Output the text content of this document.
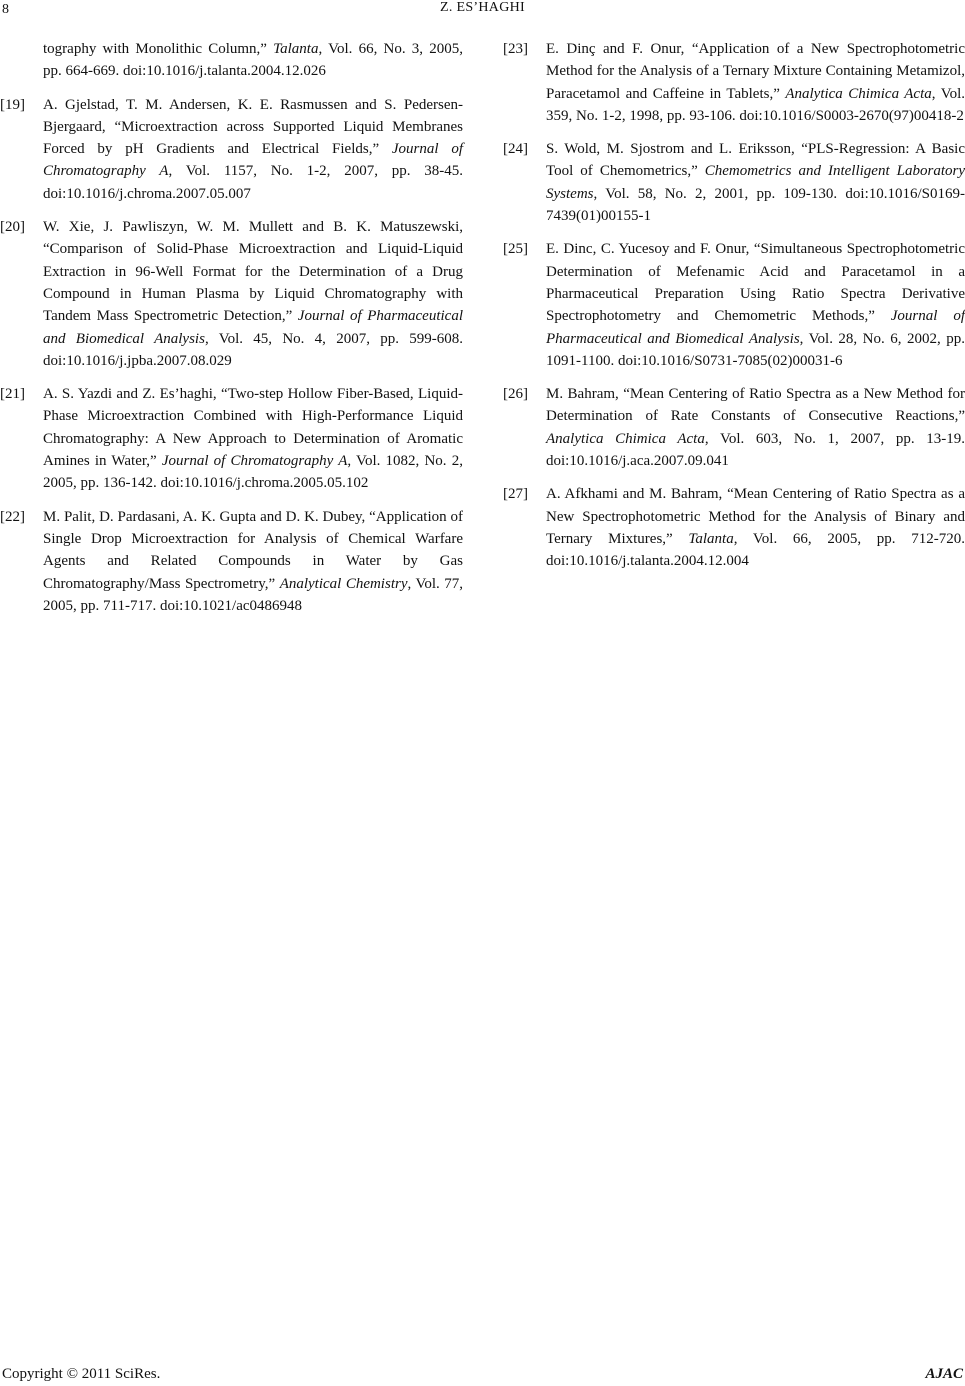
8	Z. ES’HAGHI
tography with Monolithic Column,” Talanta, Vol. 66, No. 3, 2005, pp. 664-669. doi:10.1016/j.talanta.2004.12.026
[19] A. Gjelstad, T. M. Andersen, K. E. Rasmussen and S. Pedersen-Bjergaard, “Microextraction across Supported Liquid Membranes Forced by pH Gradients and Electrical Fields,” Journal of Chromatography A, Vol. 1157, No. 1-2, 2007, pp. 38-45. doi:10.1016/j.chroma.2007.05.007
[20] W. Xie, J. Pawliszyn, W. M. Mullett and B. K. Matuszewski, “Comparison of Solid-Phase Microextraction and Liquid-Liquid Extraction in 96-Well Format for the Determination of a Drug Compound in Human Plasma by Liquid Chromatography with Tandem Mass Spectrometric Detection,” Journal of Pharmaceutical and Biomedical Analysis, Vol. 45, No. 4, 2007, pp. 599-608. doi:10.1016/j.jpba.2007.08.029
[21] A. S. Yazdi and Z. Es’haghi, “Two-step Hollow Fiber-Based, Liquid-Phase Microextraction Combined with High-Performance Liquid Chromatography: A New Approach to Determination of Aromatic Amines in Water,” Journal of Chromatography A, Vol. 1082, No. 2, 2005, pp. 136-142. doi:10.1016/j.chroma.2005.05.102
[22] M. Palit, D. Pardasani, A. K. Gupta and D. K. Dubey, “Application of Single Drop Microextraction for Analysis of Chemical Warfare Agents and Related Compounds in Water by Gas Chromatography/Mass Spectrometry,” Analytical Chemistry, Vol. 77, 2005, pp. 711-717. doi:10.1021/ac0486948
[23] E. Dinç and F. Onur, “Application of a New Spectrophotometric Method for the Analysis of a Ternary Mixture Containing Metamizol, Paracetamol and Caffeine in Tablets,” Analytica Chimica Acta, Vol. 359, No. 1-2, 1998, pp. 93-106. doi:10.1016/S0003-2670(97)00418-2
[24] S. Wold, M. Sjostrom and L. Eriksson, “PLS-Regression: A Basic Tool of Chemometrics,” Chemometrics and Intelligent Laboratory Systems, Vol. 58, No. 2, 2001, pp. 109-130. doi:10.1016/S0169-7439(01)00155-1
[25] E. Dinc, C. Yucesoy and F. Onur, “Simultaneous Spectrophotometric Determination of Mefenamic Acid and Paracetamol in a Pharmaceutical Preparation Using Ratio Spectra Derivative Spectrophotometry and Chemometric Methods,” Journal of Pharmaceutical and Biomedical Analysis, Vol. 28, No. 6, 2002, pp. 1091-1100. doi:10.1016/S0731-7085(02)00031-6
[26] M. Bahram, “Mean Centering of Ratio Spectra as a New Method for Determination of Rate Constants of Consecutive Reactions,” Analytica Chimica Acta, Vol. 603, No. 1, 2007, pp. 13-19. doi:10.1016/j.aca.2007.09.041
[27] A. Afkhami and M. Bahram, “Mean Centering of Ratio Spectra as a New Spectrophotometric Method for the Analysis of Binary and Ternary Mixtures,” Talanta, Vol. 66, 2005, pp. 712-720. doi:10.1016/j.talanta.2004.12.004
Copyright © 2011 SciRes.	AJAC
